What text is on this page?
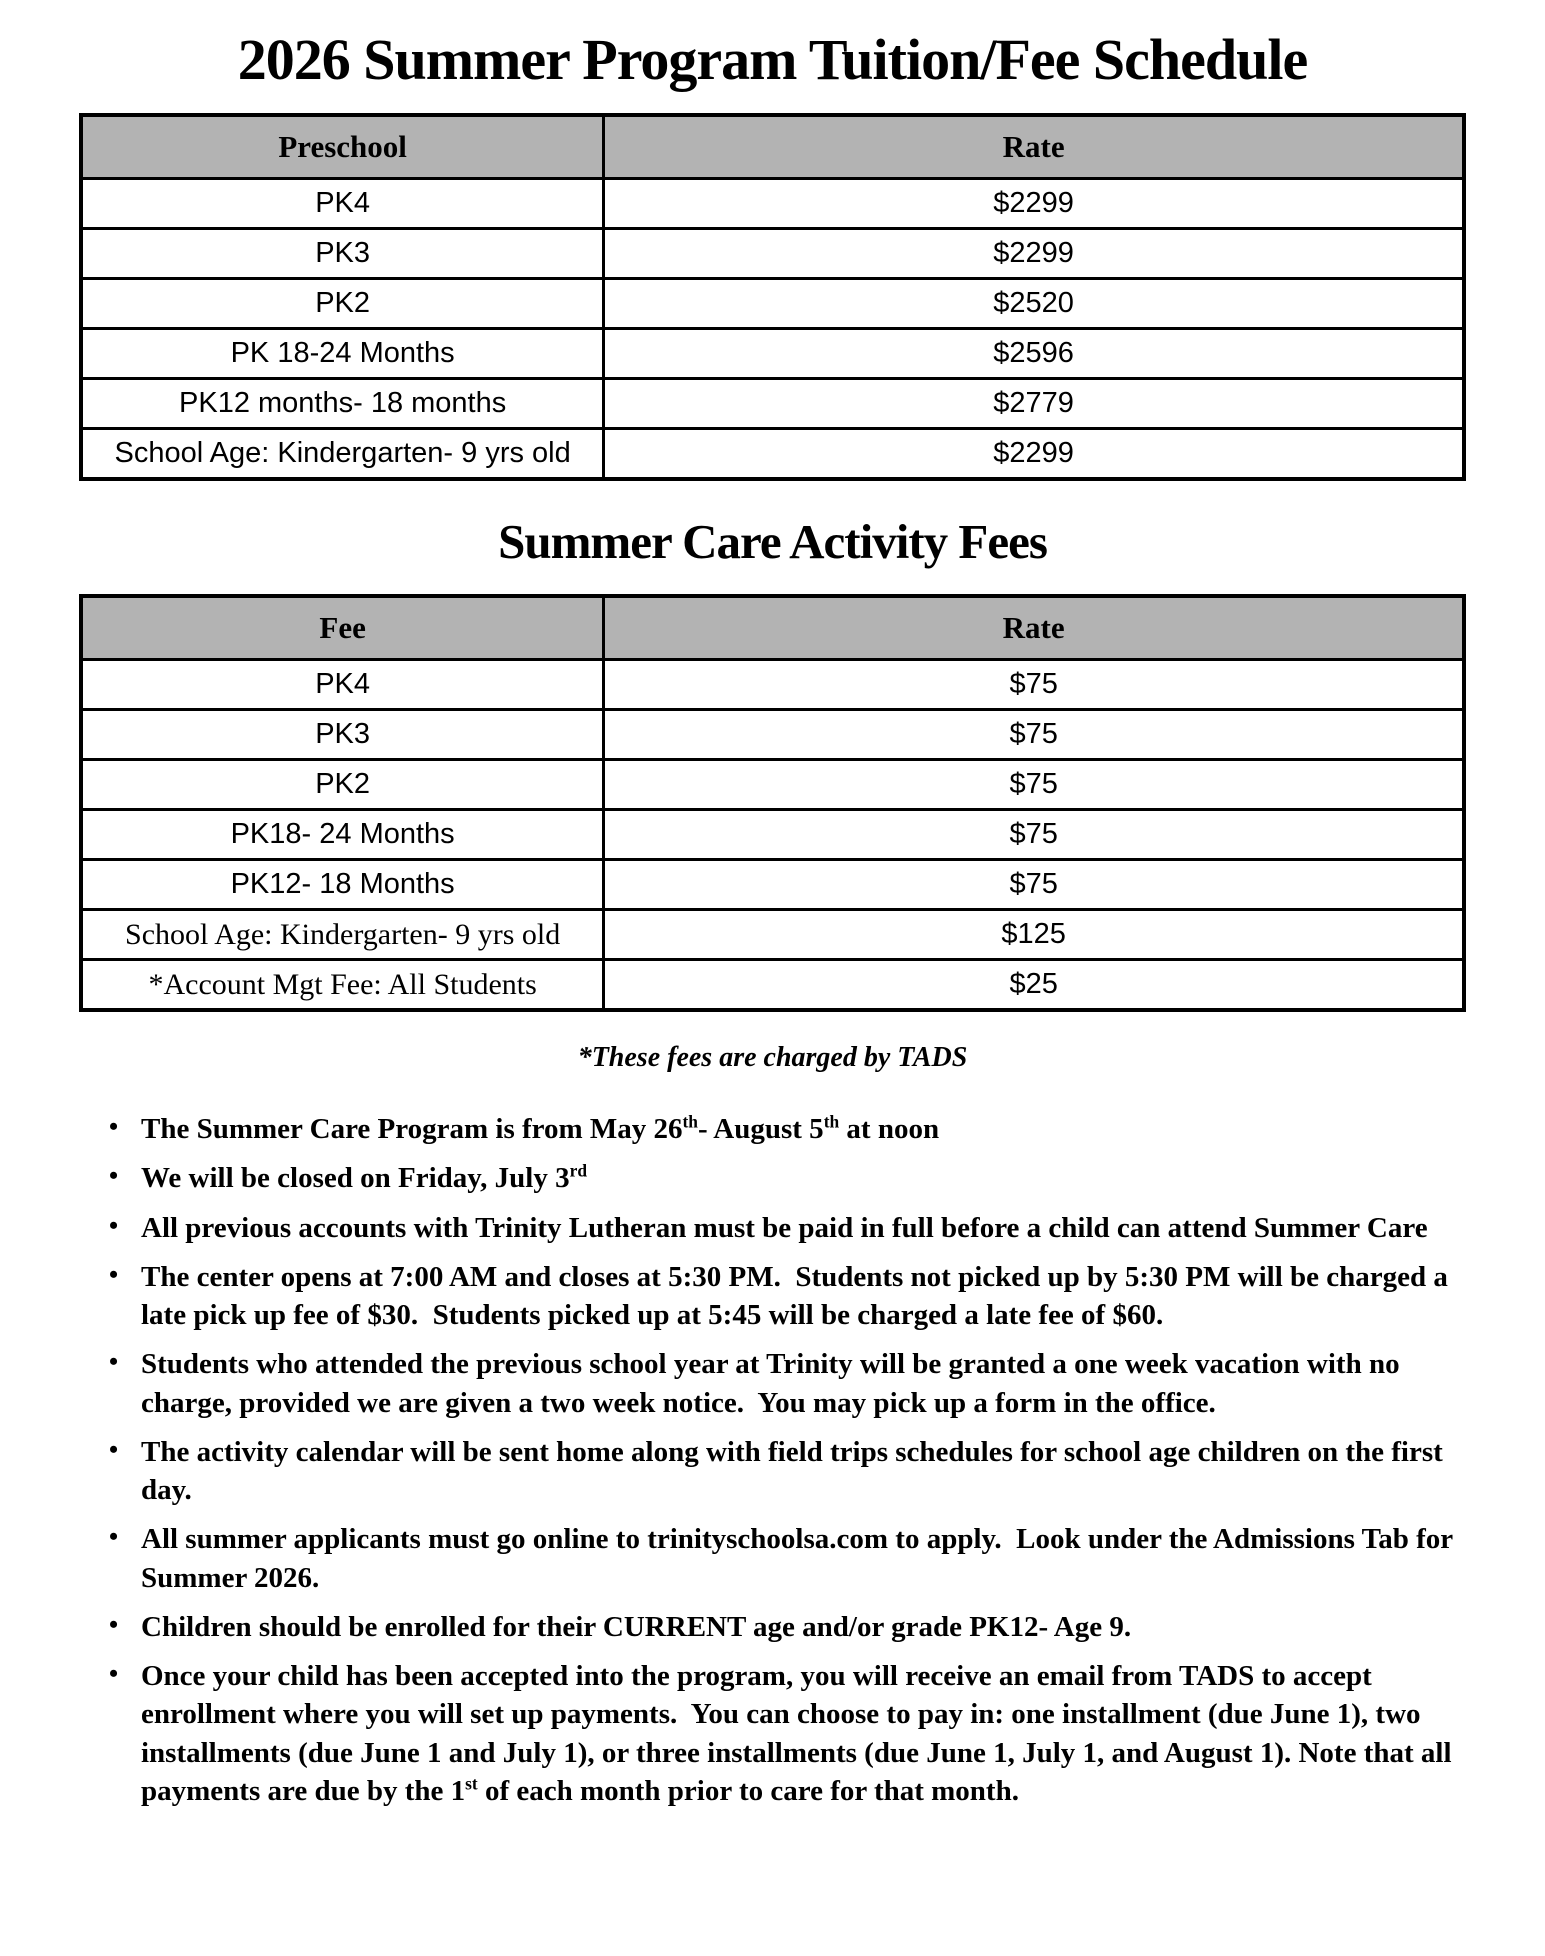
2026 Summer Program Tuition/Fee Schedule
Preschool	Rate
PK4	$2299
PK3	$2299
PK2	$2520
PK 18-24 Months	$2596
PK12 months- 18 months	$2779
School Age: Kindergarten- 9 yrs old	$2299
Summer Care Activity Fees
Fee	Rate
PK4	$75
PK3	$75
PK2	$75
PK18- 24 Months	$75
PK12- 18 Months	$75
School Age: Kindergarten- 9 yrs old	$125
*Account Mgt Fee: All Students	$25

*These fees are charged by TADS

• The Summer Care Program is from May 26th- August 5th at noon
• We will be closed on Friday, July 3rd
• All previous accounts with Trinity Lutheran must be paid in full before a child can attend Summer Care
• The center opens at 7:00 AM and closes at 5:30 PM.  Students not picked up by 5:30 PM will be charged a late pick up fee of $30.  Students picked up at 5:45 will be charged a late fee of $60.
• Students who attended the previous school year at Trinity will be granted a one week vacation with no charge, provided we are given a two week notice.  You may pick up a form in the office.
• The activity calendar will be sent home along with field trips schedules for school age children on the first day.
• All summer applicants must go online to trinityschoolsa.com to apply.  Look under the Admissions Tab for Summer 2026.
• Children should be enrolled for their CURRENT age and/or grade PK12- Age 9.
• Once your child has been accepted into the program, you will receive an email from TADS to accept enrollment where you will set up payments.  You can choose to pay in: one installment (due June 1), two installments (due June 1 and July 1), or three installments (due June 1, July 1, and August 1). Note that all payments are due by the 1st of each month prior to care for that month.
